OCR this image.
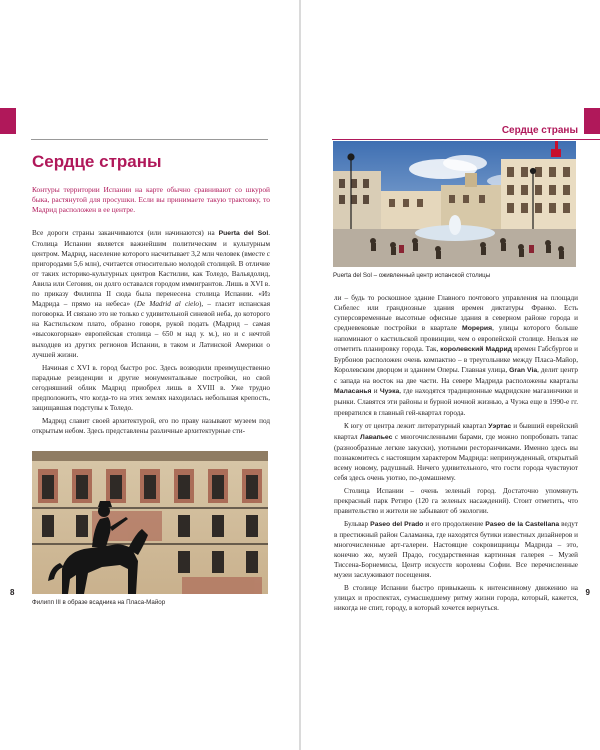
Сердце страны

Контуры территории Испании на карте обычно сравнивают со шкурой быка, растянутой для просушки. Если вы принимаете такую трактовку, то Мадрид расположен в ее центре.

Все дороги страны заканчиваются (или начинаются) на Puerta del Sol. Столица Испании является важнейшим политическим и культурным центром. Мадрид, население которого насчитывает 3,2 млн человек (вместе с пригородами 5,6 млн), считается относительно молодой столицей. В отличие от таких историко-культурных центров Кастилии, как Толедо, Вальядолид, Авила или Сеговия, он долго оставался городом иммигрантов. Лишь в XVI в. по приказу Филиппа II сюда была перенесена столица Испании. «Из Мадрида – прямо на небеса» (De Madrid al cielo), – гласит испанская поговорка. И связано это не только с удивительной синевой неба, до которого на Кастильском плато, образно говоря, рукой подать (Мадрид – самая «высокогорная» европейская столица – 650 м над у. м.), но и с нечтой выходцев из других регионов Испании, в таком и Латинской Америки о лучшей жизни.

Начиная с XVI в. город быстро рос. Здесь возводили преимущественно парадные резиденции и другие монументальные постройки, но свой сегодняшний облик Мадрид приобрел лишь в XVIII в. Уже трудно предположить, что когда-то на этих землях находилась небольшая крепость, защищавшая подступы к Толедо.

Мадрид славит своей архитектурой, его по праву называют музеем под открытым небом. Здесь представлены различные архитектурные сти-

Филипп III в образе всадника на Пласа-Майор

8

Сердце страны

Puerta del Sol – оживленный центр испанской столицы

ли – будь то роскошное здание Главного почтового управления на площади Сибелес или гранднозные здания времен диктатуры Франко. Есть суперсовременные высотные офисные здания в северном районе города и средневековые постройки в квартале Морерия, улицы которого больше напоминают о кастильской провинции, чем о европейской столице. Нельзя не отметить планировку города. Так, королевский Мадрид времен Габсбургов и Бурбонов расположен очень компактно – в треугольнике между Пласа-Майор, Королевским дворцом и зданием Оперы. Главная улица, Gran Via, делит центр с запада на восток на две части. На севере Мадрида расположены кварталы Маласанья и Чуэка, где находятся традиционные мадридские магазинчики и рынки. Славятся эти районы и бурной ночной жизнью, а Чуэка еще в 1990-е гг. превратился в главный гей-квартал города.

К югу от центра лежит литературный квартал Уэртас и бывший еврейский квартал Лавапьес с многочисленными барами, где можно попробовать тапас (разнообразные легкие закуски), уютными ресторанчиками. Именно здесь вы познакомитесь с настоящим характером Мадрида: непринужденный, открытый всему новому, радушный. Ничего удивительного, что гости города чувствуют себя здесь очень уютно, по-домашнему.

Столица Испании – очень зеленый город. Достаточно упомянуть прекрасный парк Ретиро (120 га зеленых насаждений). Стоит отметить, что правительство и жители не забывают об экологии.

Бульвар Paseo del Prado и его продолжение Paseo de la Castellana ведут в престижный район Саламанка, где находятся бутики известных дизайнеров и многочисленные арт-галереи. Настоящие сокровищницы Мадрида – это, конечно же, музей Прадо, государственная картинная галерея – Музей Тиссена-Борнемисы, Центр искусств королевы Софии. Все перечисленные музеи заслуживают посещения.

В столице Испании быстро привыкаешь к интенсивному движению на улицах и проспектах, сумасшедшему ритму жизни города, который, кажется, никогда не спит, городу, в который хочется вернуться.

9
